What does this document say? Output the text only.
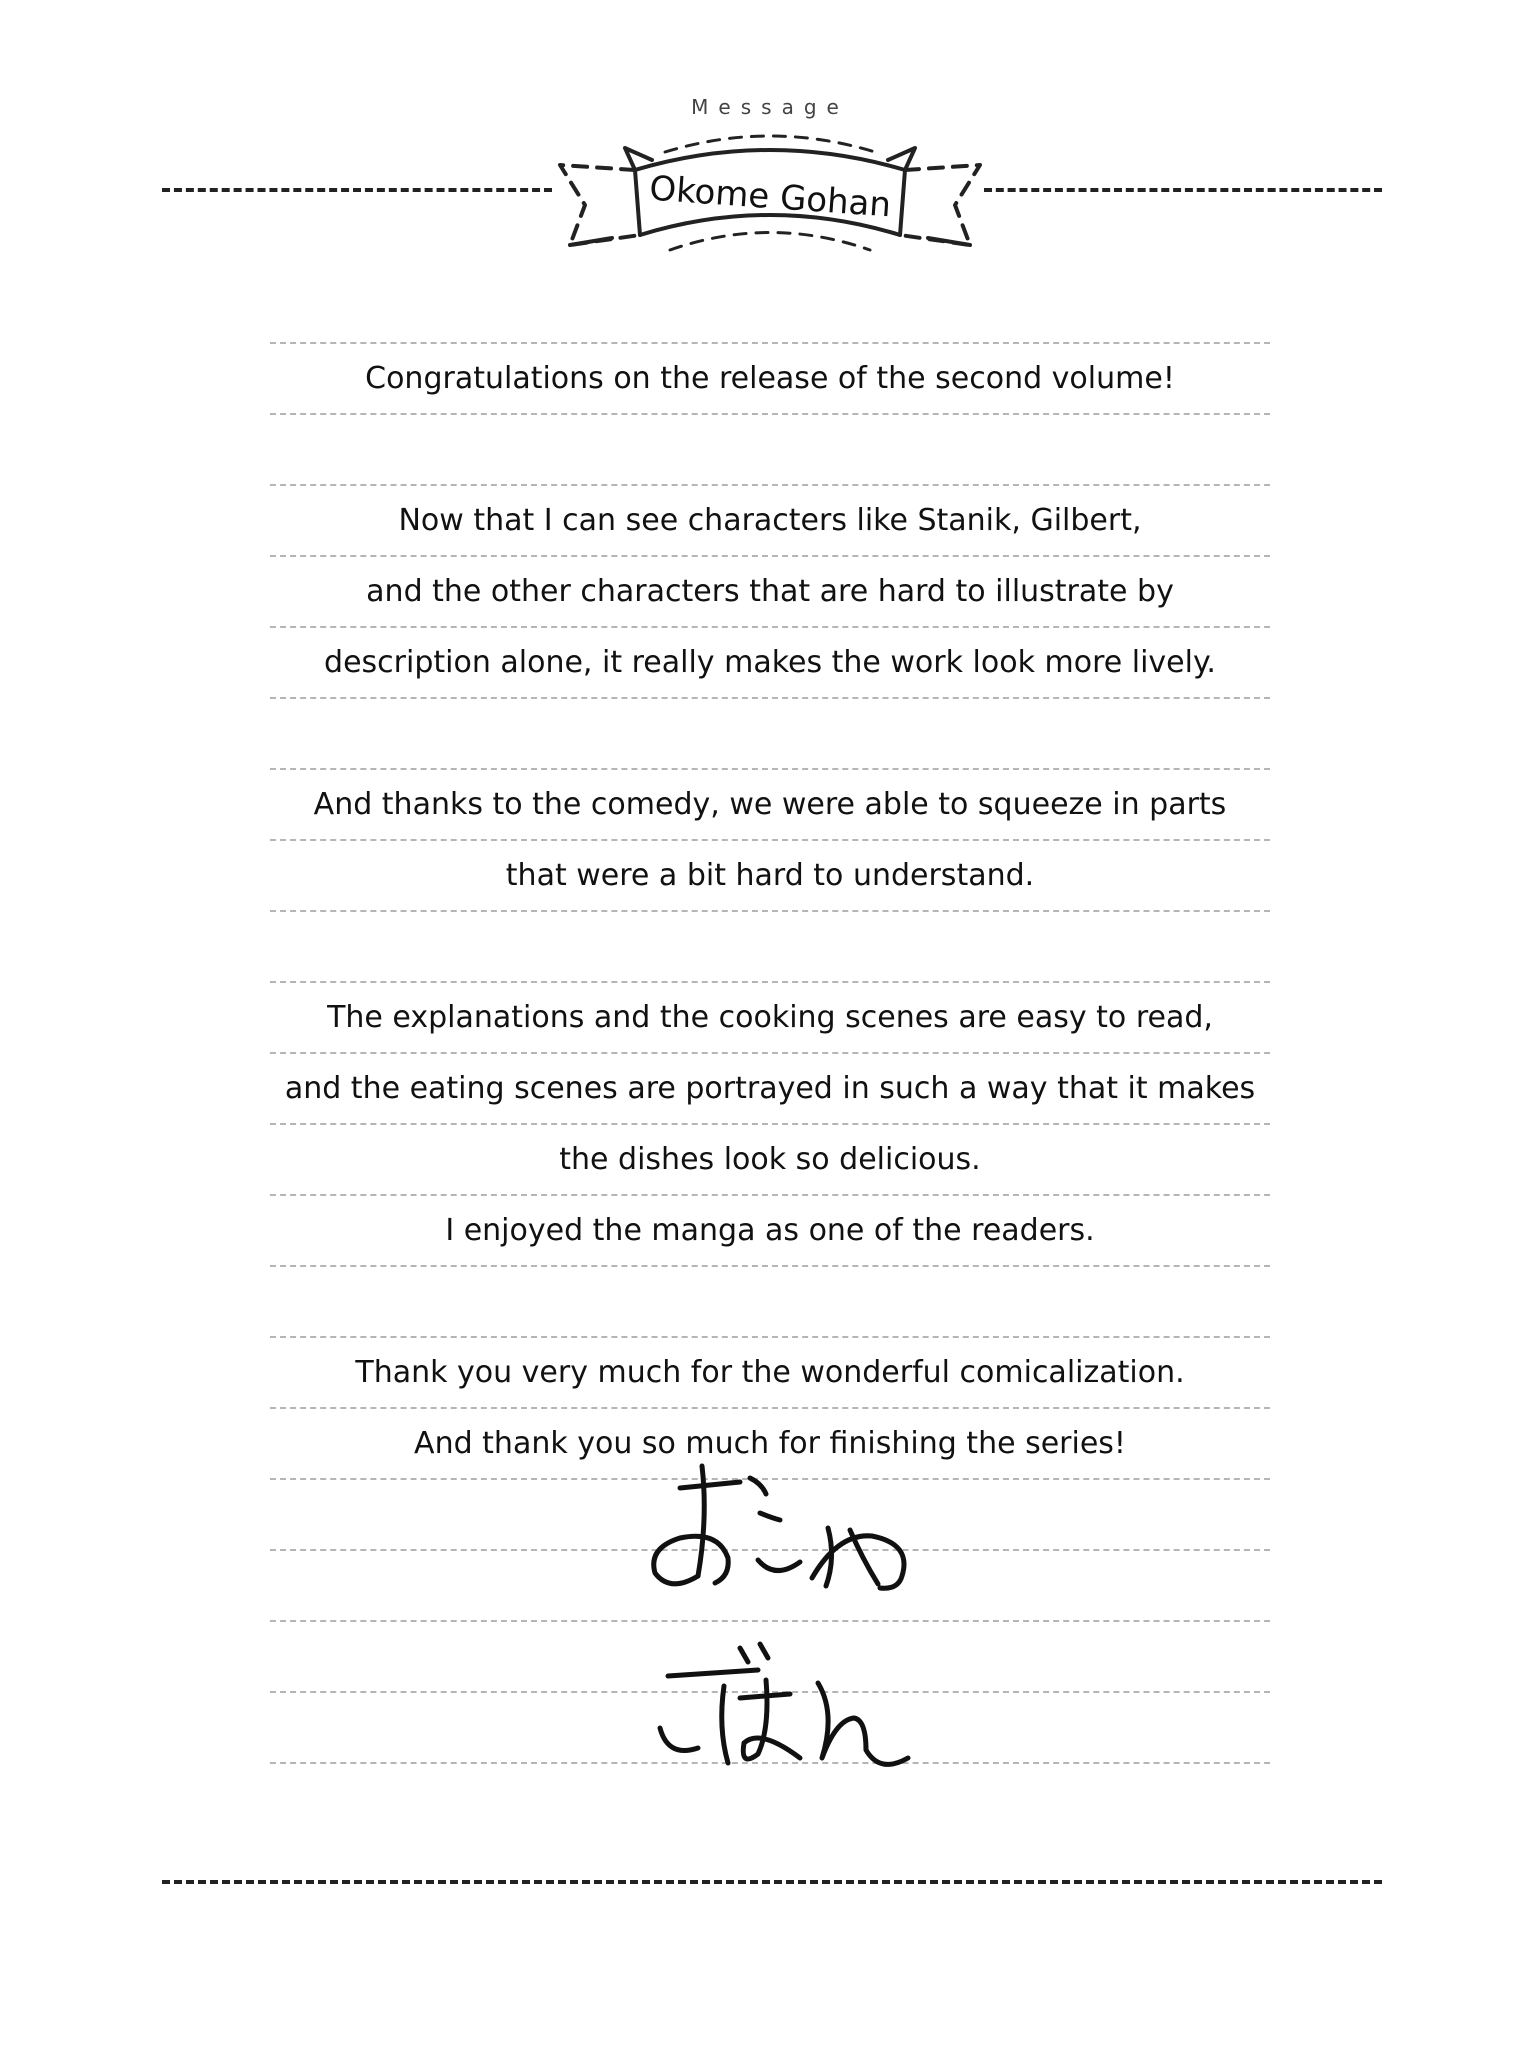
Okome Gohan
Message
Congratulations on the release of the second volume!
Now that I can see characters like Stanik, Gilbert,
and the other characters that are hard to illustrate by
description alone, it really makes the work look more lively.
And thanks to the comedy, we were able to squeeze in parts
that were a bit hard to understand.
The explanations and the cooking scenes are easy to read,
and the eating scenes are portrayed in such a way that it makes
the dishes look so delicious.
I enjoyed the manga as one of the readers.
Thank you very much for the wonderful comicalization.
And thank you so much for finishing the series!
